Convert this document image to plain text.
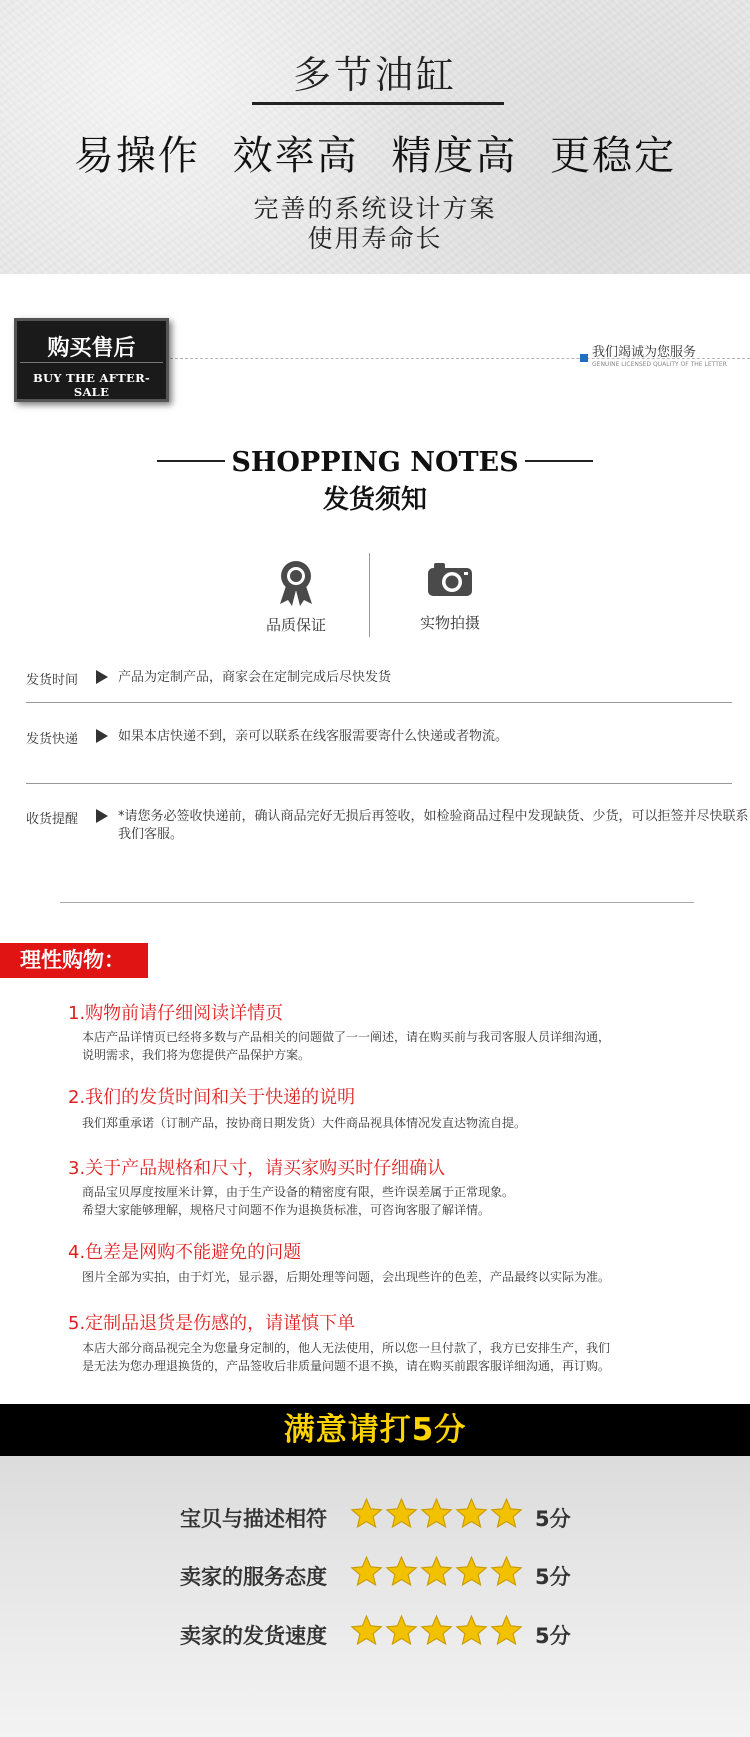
多节油缸
易操作 效率高 精度高 更稳定
完善的系统设计方案
使用寿命长
购买售后
BUY THE AFTER-SALE
我们竭诚为您服务
GENUINE LICENSED QUALITY OF THE LETTER
SHOPPING NOTES
发货须知
品质保证	实物拍摄
发货时间	产品为定制产品，商家会在定制完成后尽快发货
发货快递	如果本店快递不到，亲可以联系在线客服需要寄什么快递或者物流。
收货提醒	*请您务必签收快递前，确认商品完好无损后再签收，如检验商品过程中发现缺货、少货，可以拒签并尽快联系我们客服。
理性购物：
1.购物前请仔细阅读详情页
本店产品详情页已经将多数与产品相关的问题做了一一阐述，请在购买前与我司客服人员详细沟通，
说明需求，我们将为您提供产品保护方案。
2.我们的发货时间和关于快递的说明
我们郑重承诺（订制产品，按协商日期发货）大件商品视具体情况发直达物流自提。
3.关于产品规格和尺寸，请买家购买时仔细确认
商品宝贝厚度按厘米计算，由于生产设备的精密度有限，些许误差属于正常现象。
希望大家能够理解，规格尺寸问题不作为退换货标准，可咨询客服了解详情。
4.色差是网购不能避免的问题
图片全部为实拍，由于灯光，显示器，后期处理等问题，会出现些许的色差，产品最终以实际为准。
5.定制品退货是伤感的，请谨慎下单
本店大部分商品视完全为您量身定制的，他人无法使用，所以您一旦付款了，我方已安排生产，我们
是无法为您办理退换货的，产品签收后非质量问题不退不换，请在购买前跟客服详细沟通，再订购。
满意请打5分
宝贝与描述相符	5分
卖家的服务态度	5分
卖家的发货速度	5分
